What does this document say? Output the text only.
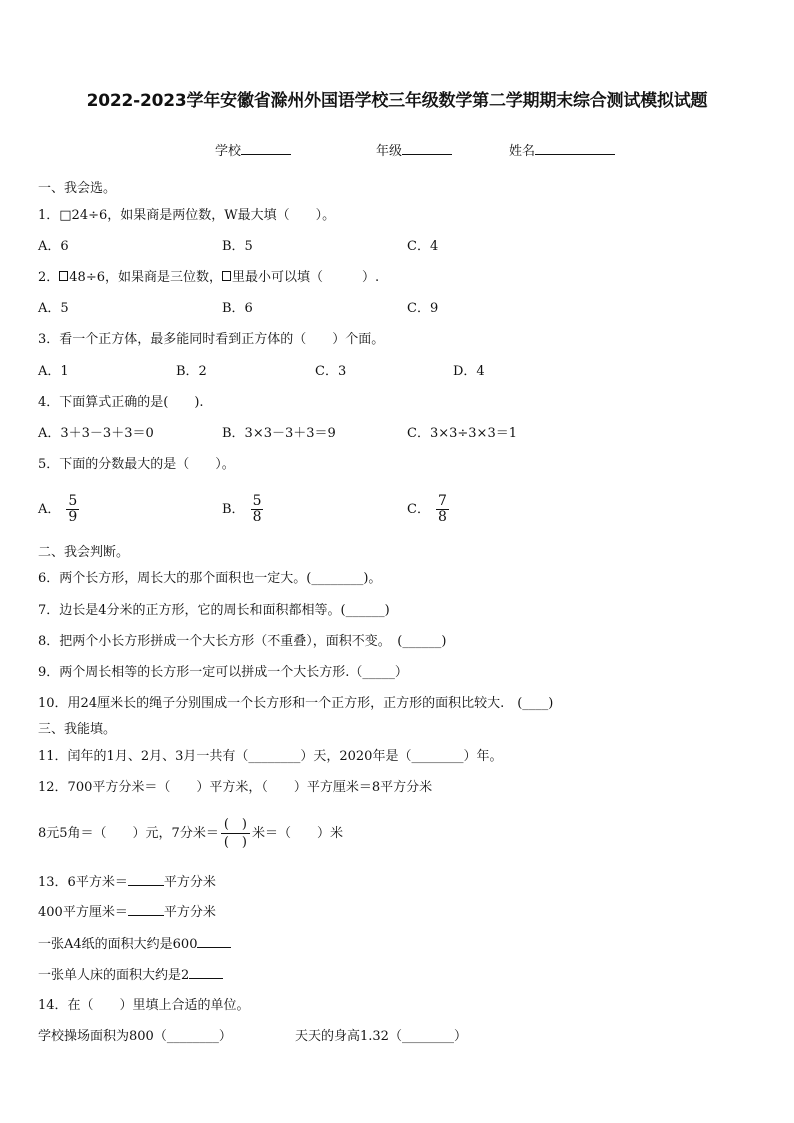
2022-2023学年安徽省滁州外国语学校三年级数学第二学期期末综合测试模拟试题
学校	年级	姓名
一、我会选。
1．□24÷6，如果商是两位数，W最大填（　　）。
A．6	B．5	C．4
2． 48÷6，如果商是三位数， 里最小可以填（　　　）.
A．5	B．6	C．9
3．看一个正方体，最多能同时看到正方体的（　　）个面。
A．1	B．2	C．3	D．4
4．下面算式正确的是(　　).
A．3＋3－3＋3＝0	B．3×3－3＋3＝9	C．3×3÷3×3＝1
5．下面的分数最大的是（　　）。
A． $\frac{5}{9}$	B． $\frac{5}{8}$	C． $\frac{7}{8}$
二、我会判断。
6．两个长方形，周长大的那个面积也一定大。(________)。
7．边长是4分米的正方形，它的周长和面积都相等。(______)
8．把两个小长方形拼成一个大长方形（不重叠），面积不变。　(______)
9．两个周长相等的长方形一定可以拼成一个大长方形.（_____）
10．用24厘米长的绳子分别围成一个长方形和一个正方形，正方形的面积比较大.　(____)
三、我能填。
11．闰年的1月、2月、3月一共有（________）天，2020年是（________）年。
12．700平方分米＝（　　）平方米，（　　）平方厘米＝8平方分米
8元5角＝（　　）元，7分米＝ $\frac{( )}{( )}$ 米＝（　　）米
13．6平方米＝	平方分米
400平方厘米＝	平方分米
一张A4纸的面积大约是600
一张单人床的面积大约是2
14．在（　　）里填上合适的单位。
学校操场面积为800（________）	天天的身高1.32（________）
